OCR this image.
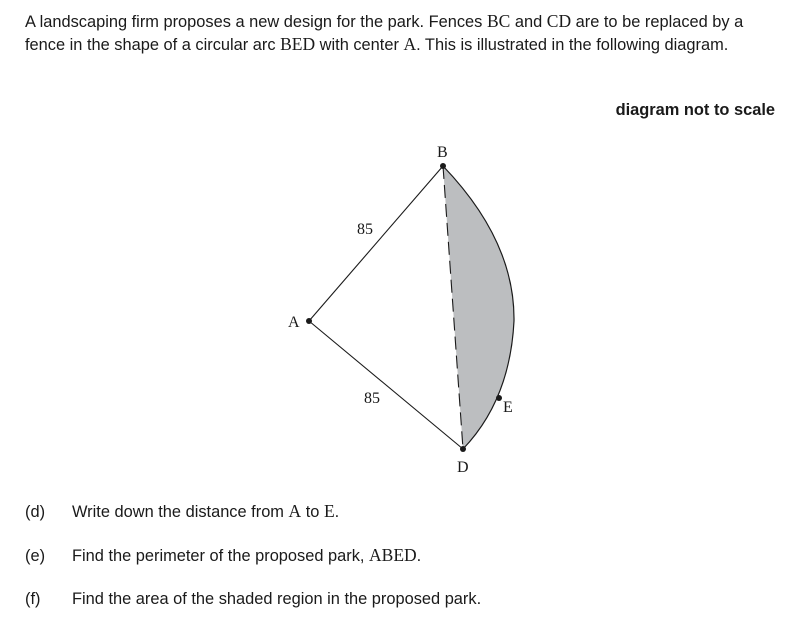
A landscaping firm proposes a new design for the park. Fences BC and CD are to be replaced by a fence in the shape of a circular arc BED with center A. This is illustrated in the following diagram.

diagram not to scale

A
B
D
E
85
85

(d) Write down the distance from A to E.

(e) Find the perimeter of the proposed park, ABED.

(f) Find the area of the shaded region in the proposed park.
